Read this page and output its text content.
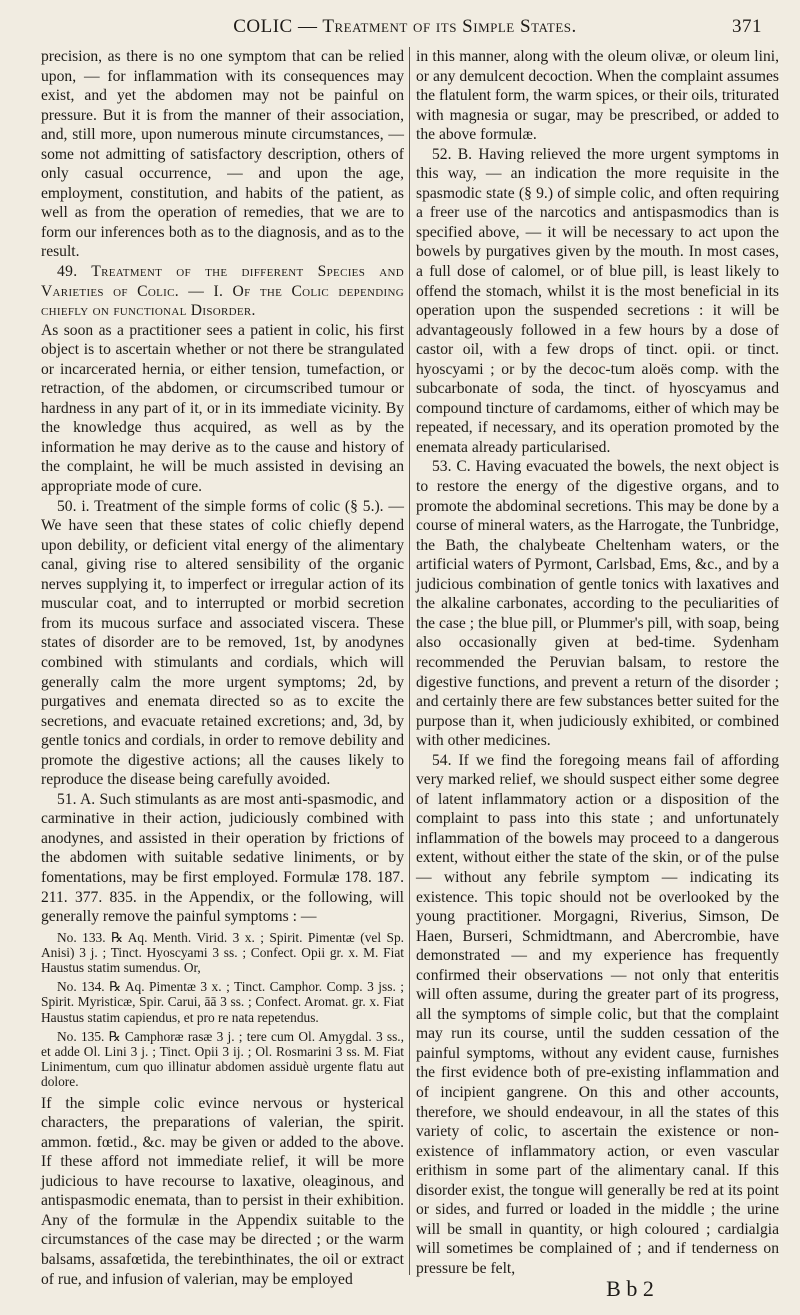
COLIC — Treatment of its Simple States.	371

precision, as there is no one symptom that can be relied upon, — for inflammation with its consequences may exist, and yet the abdomen may not be painful on pressure. But it is from the manner of their association, and, still more, upon numerous minute circumstances, — some not admitting of satisfactory description, others of only casual occurrence, — and upon the age, employment, constitution, and habits of the patient, as well as from the operation of remedies, that we are to form our inferences both as to the diagnosis, and as to the result.

49. Treatment of the different Species and Varieties of Colic. — I. Of the Colic depending chiefly on functional Disorder.

As soon as a practitioner sees a patient in colic, his first object is to ascertain whether or not there be strangulated or incarcerated hernia, or either tension, tumefaction, or retraction, of the abdomen, or circumscribed tumour or hardness in any part of it, or in its immediate vicinity. By the knowledge thus acquired, as well as by the information he may derive as to the cause and history of the complaint, he will be much assisted in devising an appropriate mode of cure.

50. i. Treatment of the simple forms of colic (§ 5.). — We have seen that these states of colic chiefly depend upon debility, or deficient vital energy of the alimentary canal, giving rise to altered sensibility of the organic nerves supplying it, to imperfect or irregular action of its muscular coat, and to interrupted or morbid secretion from its mucous surface and associated viscera. These states of disorder are to be removed, 1st, by anodynes combined with stimulants and cordials, which will generally calm the more urgent symptoms; 2d, by purgatives and enemata directed so as to excite the secretions, and evacuate retained excretions; and, 3d, by gentle tonics and cordials, in order to remove debility and promote the digestive actions; all the causes likely to reproduce the disease being carefully avoided.

51. A. Such stimulants as are most anti-spasmodic, and carminative in their action, judiciously combined with anodynes, and assisted in their operation by frictions of the abdomen with suitable sedative liniments, or by fomentations, may be first employed. Formulæ 178. 187. 211. 377. 835. in the Appendix, or the following, will generally remove the painful symptoms : —

No. 133. ℞ Aq. Menth. Virid. 3 x. ; Spirit. Pimentæ (vel Sp. Anisi) 3 j. ; Tinct. Hyoscyami 3 ss. ; Confect. Opii gr. x. M. Fiat Haustus statim sumendus. Or,

No. 134. ℞ Aq. Pimentæ 3 x. ; Tinct. Camphor. Comp. 3 jss. ; Spirit. Myristicæ, Spir. Carui, āā 3 ss. ; Confect. Aromat. gr. x. Fiat Haustus statim capiendus, et pro re nata repetendus.

No. 135. ℞ Camphoræ rasæ 3 j. ; tere cum Ol. Amygdal. 3 ss., et adde Ol. Lini 3 j. ; Tinct. Opii 3 ij. ; Ol. Rosmarini 3 ss. M. Fiat Linimentum, cum quo illinatur abdomen assiduè urgente flatu aut dolore.

If the simple colic evince nervous or hysterical characters, the preparations of valerian, the spirit. ammon. fœtid., &c. may be given or added to the above. If these afford not immediate relief, it will be more judicious to have recourse to laxative, oleaginous, and antispasmodic enemata, than to persist in their exhibition. Any of the formulæ in the Appendix suitable to the circumstances of the case may be directed ; or the warm balsams, assafœtida, the terebinthinates, the oil or extract of rue, and infusion of valerian, may be employed

in this manner, along with the oleum olivæ, or oleum lini, or any demulcent decoction. When the complaint assumes the flatulent form, the warm spices, or their oils, triturated with magnesia or sugar, may be prescribed, or added to the above formulæ.

52. B. Having relieved the more urgent symptoms in this way, — an indication the more requisite in the spasmodic state (§ 9.) of simple colic, and often requiring a freer use of the narcotics and antispasmodics than is specified above, — it will be necessary to act upon the bowels by purgatives given by the mouth. In most cases, a full dose of calomel, or of blue pill, is least likely to offend the stomach, whilst it is the most beneficial in its operation upon the suspended secretions : it will be advantageously followed in a few hours by a dose of castor oil, with a few drops of tinct. opii. or tinct. hyoscyami ; or by the decoc-tum aloës comp. with the subcarbonate of soda, the tinct. of hyoscyamus and compound tincture of cardamoms, either of which may be repeated, if necessary, and its operation promoted by the enemata already particularised.

53. C. Having evacuated the bowels, the next object is to restore the energy of the digestive organs, and to promote the abdominal secretions. This may be done by a course of mineral waters, as the Harrogate, the Tunbridge, the Bath, the chalybeate Cheltenham waters, or the artificial waters of Pyrmont, Carlsbad, Ems, &c., and by a judicious combination of gentle tonics with laxatives and the alkaline carbonates, according to the peculiarities of the case ; the blue pill, or Plummer's pill, with soap, being also occasionally given at bed-time. Sydenham recommended the Peruvian balsam, to restore the digestive functions, and prevent a return of the disorder ; and certainly there are few substances better suited for the purpose than it, when judiciously exhibited, or combined with other medicines.

54. If we find the foregoing means fail of affording very marked relief, we should suspect either some degree of latent inflammatory action or a disposition of the complaint to pass into this state ; and unfortunately inflammation of the bowels may proceed to a dangerous extent, without either the state of the skin, or of the pulse — without any febrile symptom — indicating its existence. This topic should not be overlooked by the young practitioner. Morgagni, Riverius, Simson, De Haen, Burseri, Schmidtmann, and Abercrombie, have demonstrated — and my experience has frequently confirmed their observations — not only that enteritis will often assume, during the greater part of its progress, all the symptoms of simple colic, but that the complaint may run its course, until the sudden cessation of the painful symptoms, without any evident cause, furnishes the first evidence both of pre-existing inflammation and of incipient gangrene. On this and other accounts, therefore, we should endeavour, in all the states of this variety of colic, to ascertain the existence or non-existence of inflammatory action, or even vascular erithism in some part of the alimentary canal. If this disorder exist, the tongue will generally be red at its point or sides, and furred or loaded in the middle ; the urine will be small in quantity, or high coloured ; cardialgia will sometimes be complained of ; and if tenderness on pressure be felt,

B b 2
